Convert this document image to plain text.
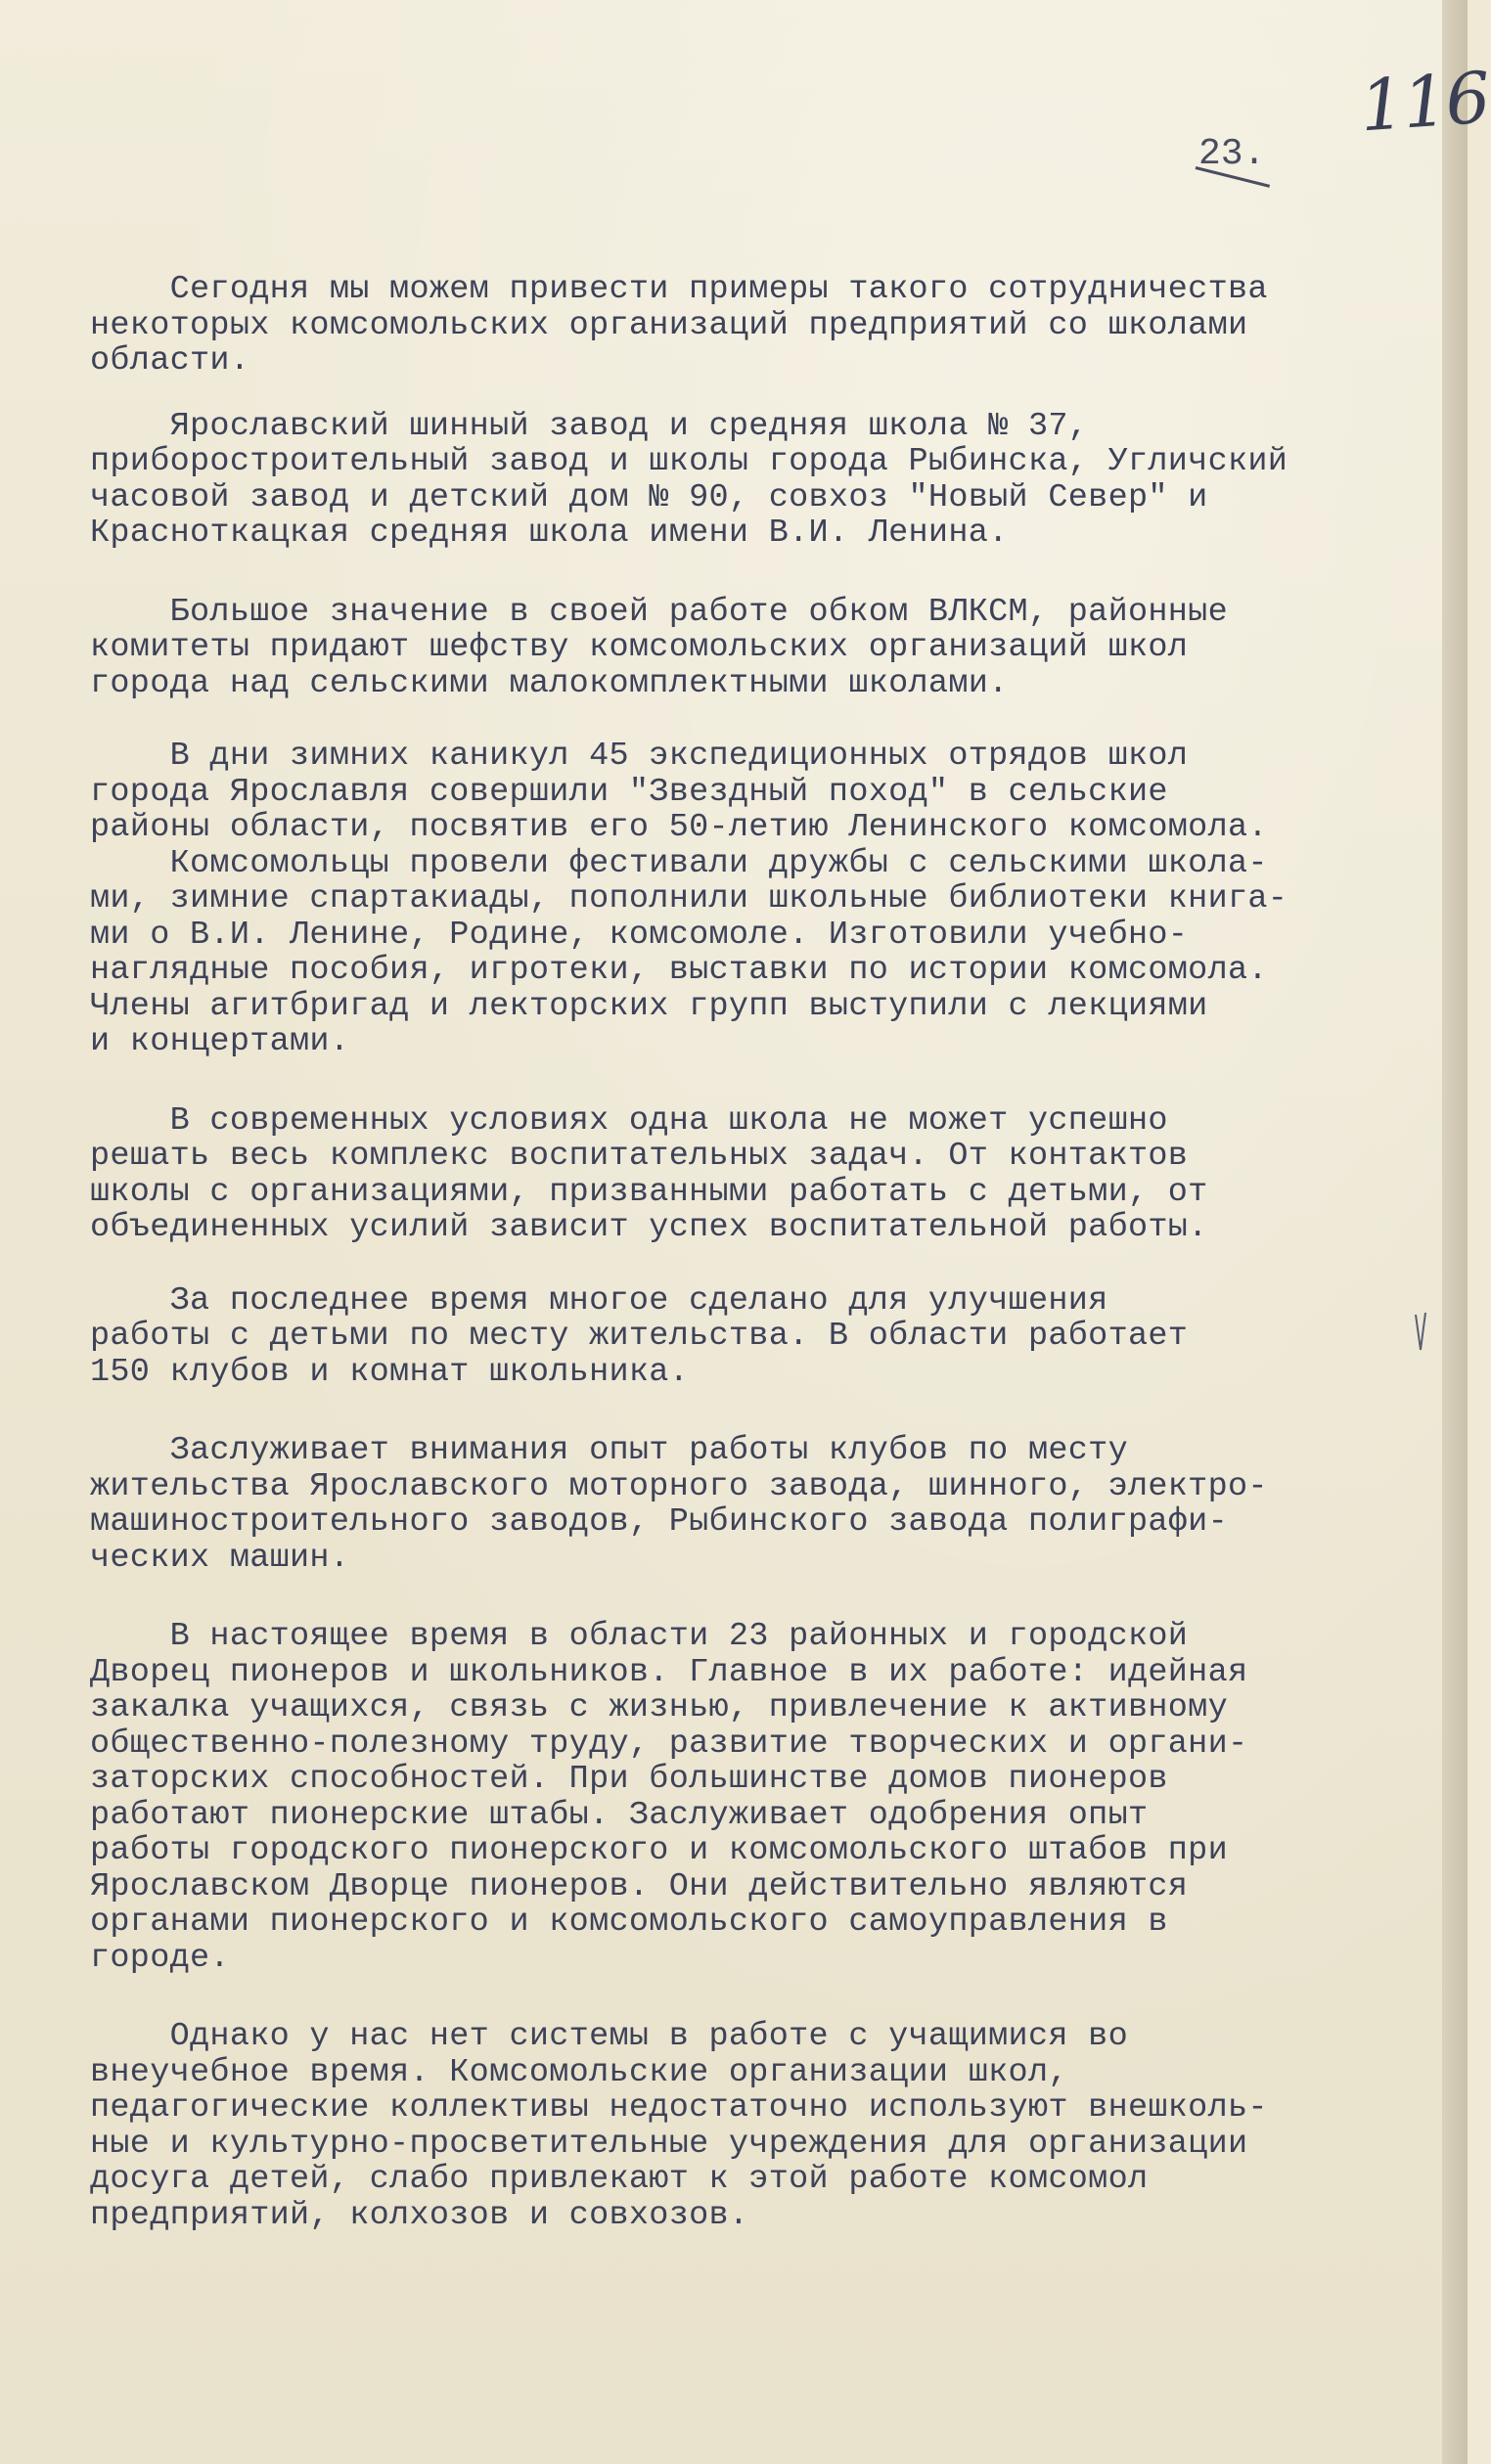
116
23.
Сегодня мы можем привести примеры такого сотрудничества
некоторых комсомольских организаций предприятий со школами
области.
Ярославский шинный завод и средняя школа № 37,
приборостроительный завод и школы города Рыбинска, Угличский
часовой завод и детский дом № 90, совхоз "Новый Север" и
Красноткацкая средняя школа имени В.И. Ленина.
Большое значение в своей работе обком ВЛКСМ, районные
комитеты придают шефству комсомольских организаций школ
города над сельскими малокомплектными школами.
В дни зимних каникул 45 экспедиционных отрядов школ
города Ярославля совершили "Звездный поход" в сельские
районы области, посвятив его 50-летию Ленинского комсомола.
Комсомольцы провели фестивали дружбы с сельскими школа-
ми, зимние спартакиады, пополнили школьные библиотеки книга-
ми о В.И. Ленине, Родине, комсомоле. Изготовили учебно-
наглядные пособия, игротеки, выставки по истории комсомола.
Члены агитбригад и лекторских групп выступили с лекциями
и концертами.
В современных условиях одна школа не может успешно
решать весь комплекс воспитательных задач. От контактов
школы с организациями, призванными работать с детьми, от
объединенных усилий зависит успех воспитательной работы.
За последнее время многое сделано для улучшения
работы с детьми по месту жительства. В области работает
150 клубов и комнат школьника.
Заслуживает внимания опыт работы клубов по месту
жительства Ярославского моторного завода, шинного, электро-
машиностроительного заводов, Рыбинского завода полиграфи-
ческих машин.
В настоящее время в области 23 районных и городской
Дворец пионеров и школьников. Главное в их работе: идейная
закалка учащихся, связь с жизнью, привлечение к активному
общественно-полезному труду, развитие творческих и органи-
заторских способностей. При большинстве домов пионеров
работают пионерские штабы. Заслуживает одобрения опыт
работы городского пионерского и комсомольского штабов при
Ярославском Дворце пионеров. Они действительно являются
органами пионерского и комсомольского самоуправления в
городе.
Однако у нас нет системы в работе с учащимися во
внеучебное время. Комсомольские организации школ,
педагогические коллективы недостаточно используют внешколь-
ные и культурно-просветительные учреждения для организации
досуга детей, слабо привлекают к этой работе комсомол
предприятий, колхозов и совхозов.
